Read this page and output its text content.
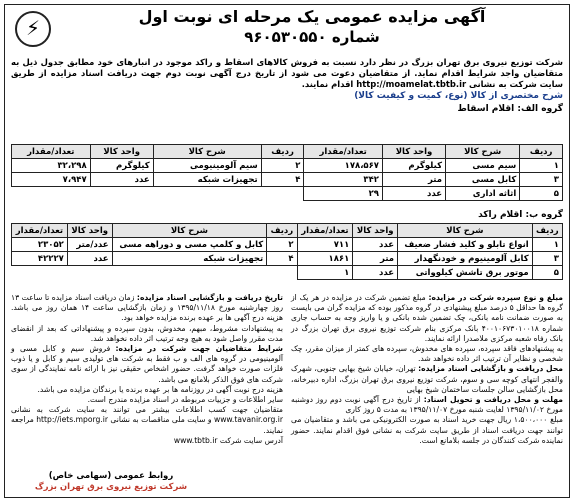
⚡	آگهی مزایده عمومی یک مرحله ای نوبت اول
شماره ۹۶۰۵۳۰۵۵۰
شرکت توزیع نیروی برق تهران بزرگ در نظر دارد نسبت به فروش کالاهای اسقاط و راکد موجود در انبارهای خود مطابق جدول ذیل به متقاضیان واجد شرایط اقدام نماید. از متقاضیان دعوت می شود از تاریخ درج آگهی نوبت دوم جهت دریافت اسناد مزایده از طریق سایت شرکت به نشانی http://moamelat.tbtb.ir اقدام نمایند.
شرح مختصری از کالا (نوع، کمیت و کیفیت کالا)
گروه الف: اقلام اسقاط
ردیف	شرح کالا	واحد کالا	تعداد/مقدار	ردیف	شرح کالا	واحد کالا	تعداد/مقدار
۱	سیم مسی	کیلوگرم	۱۷۸،۵۶۷	۲	سیم آلومینیومی	کیلوگرم	۳۲،۲۹۸
۳	کابل مسی	متر	۳۴۲	۴	تجهیزات شبکه	عدد	۷،۹۴۷
۵	اثاثه اداری	عدد	۲۹				
گروه ب: اقلام راکد
ردیف	شرح کالا	واحد کالا	تعداد/مقدار	ردیف	شرح کالا	واحد کالا	تعداد/مقدار
۱	انواع تابلو و کلید فشار ضعیف	عدد	۷۱۱	۲	کابل و کلمپ مسی و دوراهه مسی	عدد/متر	۲۳۰۵۲
۳	کابل آلومینیوم و خودنگهدار	متر	۱۸۶۱	۴	تجهیزات شبکه	عدد	۴۲۲۲۷
۵	موتور برق تاشش کیلوواتی	عدد	۱				
مبلغ و نوع سپرده شرکت در مزایده: مبلغ تضمین شرکت در مزایده در هر یک از گروه ها حداقل ۵ درصد مبلغ پیشنهادی در گروه مذکور بوده که مزایده گران می بایست به صورت ضمانت نامه بانکی، چک تضمین شده بانکی و یا واریز وجه به حساب جاری شماره ۴۰۰۱۰۶۷۳۰۱۰۰۱۸ بانک مرکزی بنام شرکت توزیع نیروی برق تهران بزرگ در بانک رفاه شعبه مرکزی ملاصدرا ارائه نمایند.
به پیشنهادهای فاقد سپرده، سپرده های مخدوش، سپرده های کمتر از میزان مقرر، چک شخصی و نظایر آن ترتیب اثر داده نخواهد شد.
محل دریافت و بازگشایی اسناد مزایده: تهران، خیابان شیخ بهایی جنوبی، شهرک والفجر انتهای کوچه سی و سوم، شرکت توزیع نیروی برق تهران بزرگ، اداره دبیرخانه، محل بازگشایی سالن جلسات ساختمان شیخ بهایی
مهلت و محل دریافت و تحویل اسناد: از تاریخ درج آگهی نوبت دوم روز دوشنبه مورخ ۱۳۹۵/۱۱/۰۲ لغایت شنبه مورخ ۱۳۹۵/۱۱/۰۷ به مدت ۵ روز کاری
مبلغ ۱،۵۰۰،۰۰۰ ریال جهت خرید اسناد به صورت الکترونیکی می باشد و متقاضیان می توانند جهت دریافت اسناد از طریق سایت شرکت به نشانی فوق اقدام نمایند. حضور نماینده شرکت کنندگان در جلسه بلامانع است.
تاریخ دریافت و بازگشایی اسناد مزایده: زمان دریافت اسناد مزایده تا ساعت ۱۳ روز چهارشنبه مورخ ۱۳۹۵/۱۱/۱۸ و زمان بازگشایی ساعت ۱۴ همان روز می باشد. هزینه درج آگهی ها بر عهده برنده مزایده خواهد بود.
به پیشنهادات مشروط، مبهم، مخدوش، بدون سپرده و پیشنهاداتی که بعد از انقضای مدت مقرر واصل شود به هیچ وجه ترتیب اثر داده نخواهد شد.
شرایط متقاضیان جهت شرکت در مزایده: فروش سیم و کابل مسی و آلومینیومی در گروه های الف و ب فقط به شرکت های تولیدی سیم و کابل و یا ذوب فلزات صورت خواهد گرفت. حضور اشخاص حقیقی نیز با ارائه نامه نمایندگی از سوی شرکت های فوق الذکر بلامانع می باشد.
هزینه درج نوبت آگهی در روزنامه ها بر عهده برنده یا برندگان مزایده می باشد.
سایر اطلاعات و جزییات مربوطه در اسناد مزایده مندرج است.
متقاضیان جهت کسب اطلاعات بیشتر می توانند به سایت شرکت به نشانی www.tavanir.org.ir و سایت ملی مناقصات به نشانی http://iets.mporg.ir مراجعه نمایند.
آدرس سایت شرکت www.tbtb.ir
روابط عمومی (سهامی خاص)
شرکت توزیع نیروی برق تهران بزرگ
